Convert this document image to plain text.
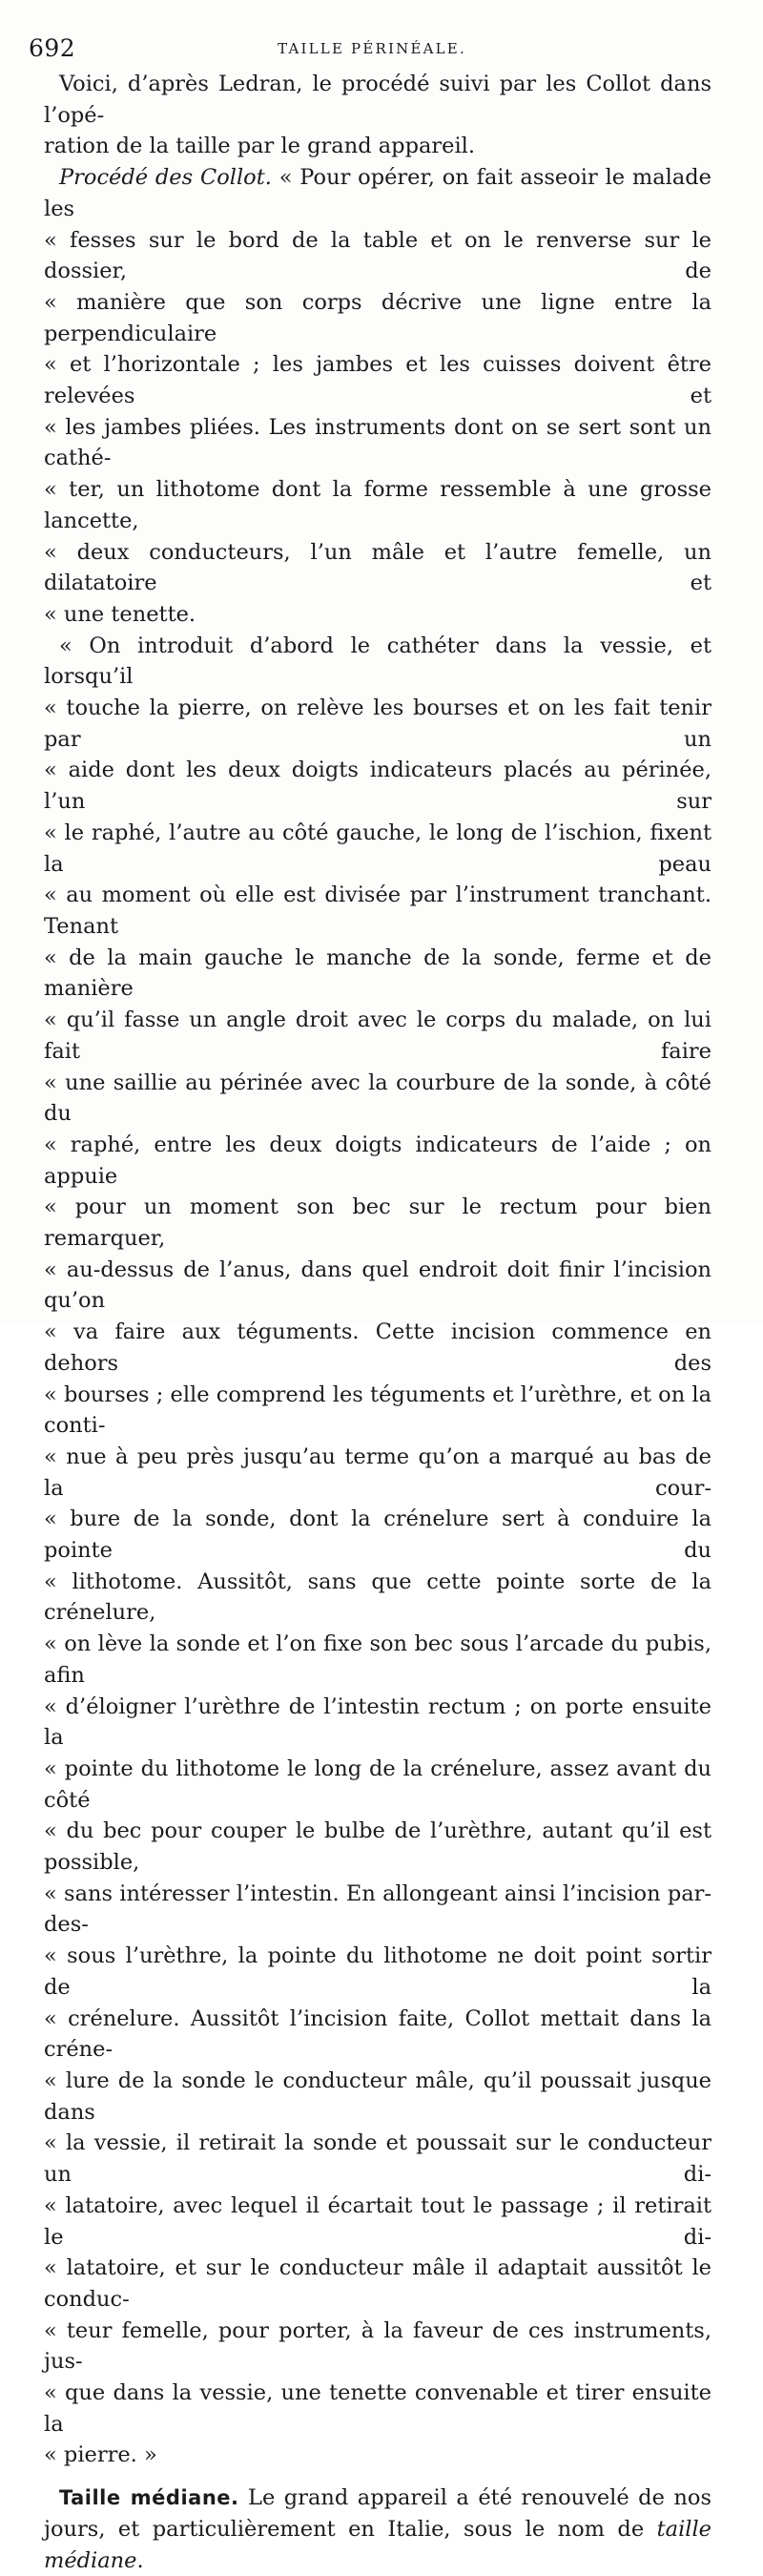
692	TAILLE PÉRINÉALE.
Voici, d’après Ledran, le procédé suivi par les Collot dans l’opé-
ration de la taille par le grand appareil.
Procédé des Collot. « Pour opérer, on fait asseoir le malade les
« fesses sur le bord de la table et on le renverse sur le dossier, de
« manière que son corps décrive une ligne entre la perpendiculaire
« et l’horizontale ; les jambes et les cuisses doivent être relevées et
« les jambes pliées. Les instruments dont on se sert sont un cathé-
« ter, un lithotome dont la forme ressemble à une grosse lancette,
« deux conducteurs, l’un mâle et l’autre femelle, un dilatatoire et
« une tenette.
« On introduit d’abord le cathéter dans la vessie, et lorsqu’il
« touche la pierre, on relève les bourses et on les fait tenir par un
« aide dont les deux doigts indicateurs placés au périnée, l’un sur
« le raphé, l’autre au côté gauche, le long de l’ischion, fixent la peau
« au moment où elle est divisée par l’instrument tranchant. Tenant
« de la main gauche le manche de la sonde, ferme et de manière
« qu’il fasse un angle droit avec le corps du malade, on lui fait faire
« une saillie au périnée avec la courbure de la sonde, à côté du
« raphé, entre les deux doigts indicateurs de l’aide ; on appuie
« pour un moment son bec sur le rectum pour bien remarquer,
« au-dessus de l’anus, dans quel endroit doit finir l’incision qu’on
« va faire aux téguments. Cette incision commence en dehors des
« bourses ; elle comprend les téguments et l’urèthre, et on la conti-
« nue à peu près jusqu’au terme qu’on a marqué au bas de la cour-
« bure de la sonde, dont la crénelure sert à conduire la pointe du
« lithotome. Aussitôt, sans que cette pointe sorte de la crénelure,
« on lève la sonde et l’on fixe son bec sous l’arcade du pubis, afin
« d’éloigner l’urèthre de l’intestin rectum ; on porte ensuite la
« pointe du lithotome le long de la crénelure, assez avant du côté
« du bec pour couper le bulbe de l’urèthre, autant qu’il est possible,
« sans intéresser l’intestin. En allongeant ainsi l’incision par-des-
« sous l’urèthre, la pointe du lithotome ne doit point sortir de la
« crénelure. Aussitôt l’incision faite, Collot mettait dans la créne-
« lure de la sonde le conducteur mâle, qu’il poussait jusque dans
« la vessie, il retirait la sonde et poussait sur le conducteur un di-
« latatoire, avec lequel il écartait tout le passage ; il retirait le di-
« latatoire, et sur le conducteur mâle il adaptait aussitôt le conduc-
« teur femelle, pour porter, à la faveur de ces instruments, jus-
« que dans la vessie, une tenette convenable et tirer ensuite la
« pierre. »
Taille médiane. Le grand appareil a été renouvelé de nos
jours, et particulièrement en Italie, sous le nom de taille médiane.
